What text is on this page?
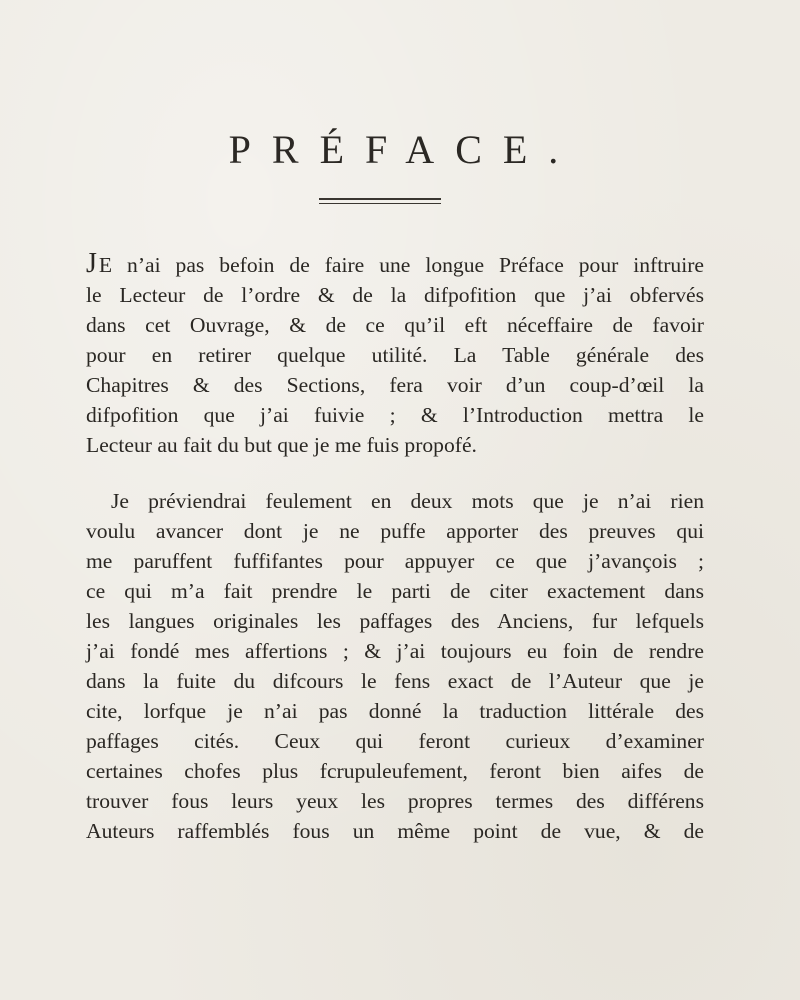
PRÉFACE.
JE n’ai pas befoin de faire une longue Préface pour inftruire
le Lecteur de l’ordre & de la difpofition que j’ai obfervés
dans cet Ouvrage, & de ce qu’il eft néceffaire de favoir
pour en retirer quelque utilité. La Table générale des
Chapitres & des Sections, fera voir d’un coup-d’œil la
difpofition que j’ai fuivie ; & l’Introduction mettra le
Lecteur au fait du but que je me fuis propofé.
Je préviendrai feulement en deux mots que je n’ai rien
voulu avancer dont je ne puffe apporter des preuves qui
me paruffent fuffifantes pour appuyer ce que j’avançois ;
ce qui m’a fait prendre le parti de citer exactement dans
les langues originales les paffages des Anciens, fur lefquels
j’ai fondé mes affertions ; & j’ai toujours eu foin de rendre
dans la fuite du difcours le fens exact de l’Auteur que je
cite, lorfque je n’ai pas donné la traduction littérale des
paffages cités. Ceux qui feront curieux d’examiner
certaines chofes plus fcrupuleufement, feront bien aifes de
trouver fous leurs yeux les propres termes des différens
Auteurs raffemblés fous un même point de vue, & de
